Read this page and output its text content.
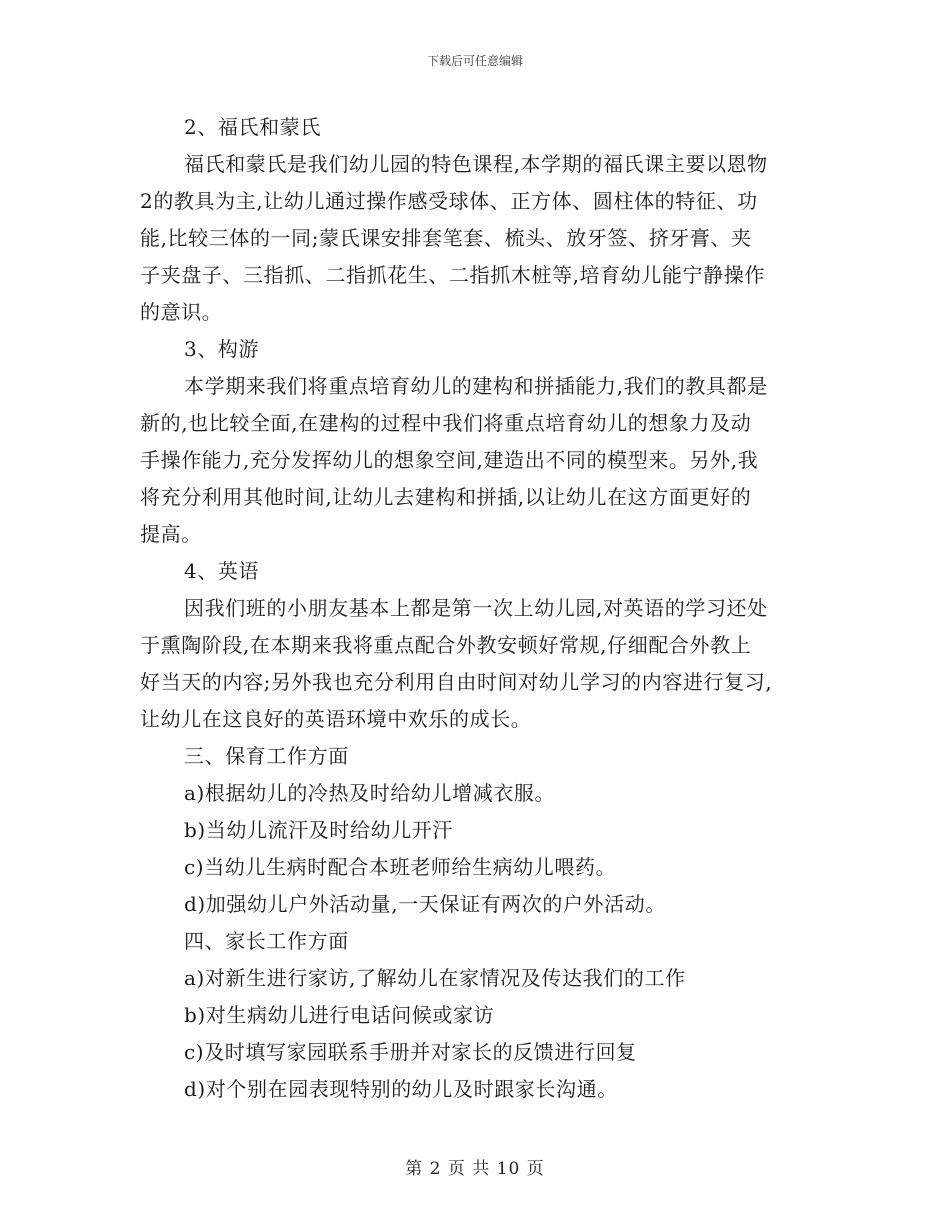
下载后可任意编辑
2、福氏和蒙氏
福氏和蒙氏是我们幼儿园的特色课程,本学期的福氏课主要以恩物
2的教具为主,让幼儿通过操作感受球体、正方体、圆柱体的特征、功
能,比较三体的一同;蒙氏课安排套笔套、梳头、放牙签、挤牙膏、夹
子夹盘子、三指抓、二指抓花生、二指抓木桩等,培育幼儿能宁静操作
的意识。
3、构游
本学期来我们将重点培育幼儿的建构和拼插能力,我们的教具都是
新的,也比较全面,在建构的过程中我们将重点培育幼儿的想象力及动
手操作能力,充分发挥幼儿的想象空间,建造出不同的模型来。另外,我
将充分利用其他时间,让幼儿去建构和拼插,以让幼儿在这方面更好的
提高。
4、英语
因我们班的小朋友基本上都是第一次上幼儿园,对英语的学习还处
于熏陶阶段,在本期来我将重点配合外教安顿好常规,仔细配合外教上
好当天的内容;另外我也充分利用自由时间对幼儿学习的内容进行复习,
让幼儿在这良好的英语环境中欢乐的成长。
三、保育工作方面
a)根据幼儿的冷热及时给幼儿增减衣服。
b)当幼儿流汗及时给幼儿开汗
c)当幼儿生病时配合本班老师给生病幼儿喂药。
d)加强幼儿户外活动量,一天保证有两次的户外活动。
四、家长工作方面
a)对新生进行家访,了解幼儿在家情况及传达我们的工作
b)对生病幼儿进行电话问候或家访
c)及时填写家园联系手册并对家长的反馈进行回复
d)对个别在园表现特别的幼儿及时跟家长沟通。
第 2 页 共 10 页
